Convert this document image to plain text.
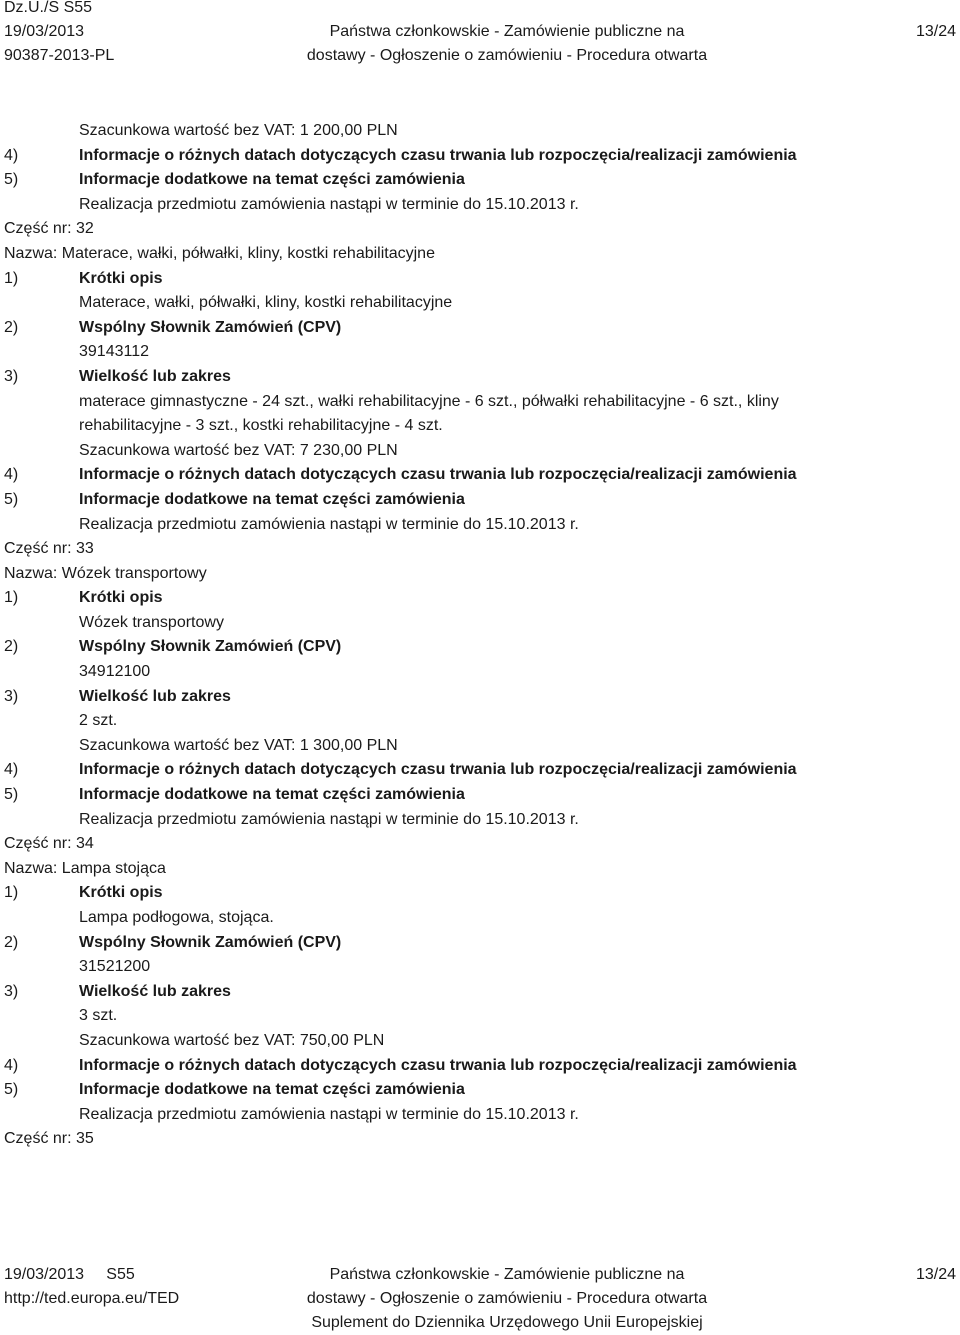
Dz.U./S S55
19/03/2013
90387-2013-PL
Państwa członkowskie - Zamówienie publiczne na
dostawy - Ogłoszenie o zamówieniu - Procedura otwarta
13/24
Szacunkowa wartość bez VAT: 1 200,00 PLN
4)	Informacje o różnych datach dotyczących czasu trwania lub rozpoczęcia/realizacji zamówienia
5)	Informacje dodatkowe na temat części zamówienia
Realizacja przedmiotu zamówienia nastąpi w terminie do 15.10.2013 r.
Część nr: 32
Nazwa: Materace, wałki, półwałki, kliny, kostki rehabilitacyjne
1)	Krótki opis
Materace, wałki, półwałki, kliny, kostki rehabilitacyjne
2)	Wspólny Słownik Zamówień (CPV)
39143112
3)	Wielkość lub zakres
materace gimnastyczne - 24 szt., wałki rehabilitacyjne - 6 szt., półwałki rehabilitacyjne - 6 szt., kliny rehabilitacyjne - 3 szt., kostki rehabilitacyjne - 4 szt.
Szacunkowa wartość bez VAT: 7 230,00 PLN
4)	Informacje o różnych datach dotyczących czasu trwania lub rozpoczęcia/realizacji zamówienia
5)	Informacje dodatkowe na temat części zamówienia
Realizacja przedmiotu zamówienia nastąpi w terminie do 15.10.2013 r.
Część nr: 33
Nazwa: Wózek transportowy
1)	Krótki opis
Wózek transportowy
2)	Wspólny Słownik Zamówień (CPV)
34912100
3)	Wielkość lub zakres
2 szt.
Szacunkowa wartość bez VAT: 1 300,00 PLN
4)	Informacje o różnych datach dotyczących czasu trwania lub rozpoczęcia/realizacji zamówienia
5)	Informacje dodatkowe na temat części zamówienia
Realizacja przedmiotu zamówienia nastąpi w terminie do 15.10.2013 r.
Część nr: 34
Nazwa: Lampa stojąca
1)	Krótki opis
Lampa podłogowa, stojąca.
2)	Wspólny Słownik Zamówień (CPV)
31521200
3)	Wielkość lub zakres
3 szt.
Szacunkowa wartość bez VAT: 750,00 PLN
4)	Informacje o różnych datach dotyczących czasu trwania lub rozpoczęcia/realizacji zamówienia
5)	Informacje dodatkowe na temat części zamówienia
Realizacja przedmiotu zamówienia nastąpi w terminie do 15.10.2013 r.
Część nr: 35
19/03/2013     S55
http://ted.europa.eu/TED
Państwa członkowskie - Zamówienie publiczne na
dostawy - Ogłoszenie o zamówieniu - Procedura otwarta
Suplement do Dziennika Urzędowego Unii Europejskiej
13/24
